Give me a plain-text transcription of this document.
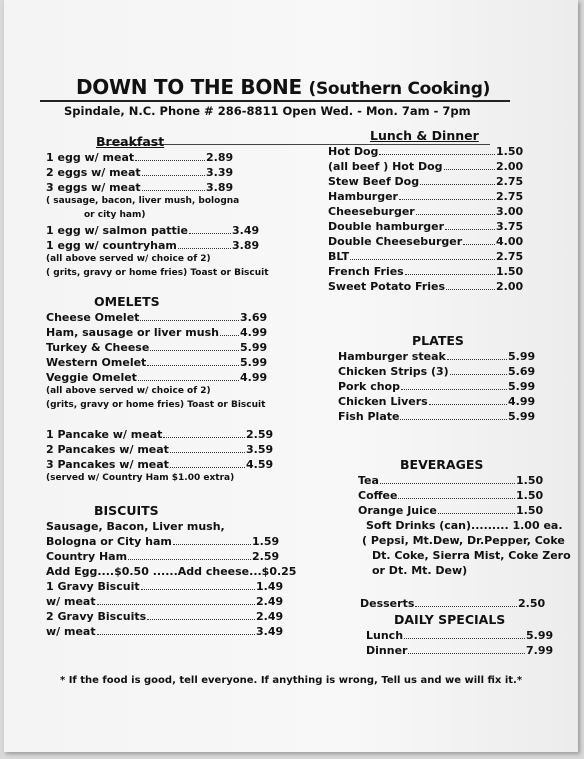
DOWN TO THE BONE (Southern Cooking)
Spindale, N.C. Phone # 286-8811 Open Wed. - Mon. 7am - 7pm
Breakfast
1 egg w/ meat	2.89
2 eggs w/ meat	3.39
3 eggs w/ meat	3.89
( sausage, bacon, liver mush, bologna
or city ham)
1 egg w/ salmon pattie	3.49
1 egg w/ countryham	3.89
(all above served w/ choice of 2)
( grits, gravy or home fries) Toast or Biscuit
OMELETS
Cheese Omelet	3.69
Ham, sausage or liver mush 4.99
Turkey & Cheese	5.99
Western Omelet	5.99
Veggie Omelet	4.99
(all above served w/ choice of 2)
(grits, gravy or home fries) Toast or Biscuit
1 Pancake w/ meat	2.59
2 Pancakes w/ meat	3.59
3 Pancakes w/ meat	4.59
(served w/ Country Ham $1.00 extra)
BISCUITS
Sausage, Bacon, Liver mush,
Bologna or City ham	1.59
Country Ham	2.59
Add Egg....$0.50 ......Add cheese...$0.25
1 Gravy Biscuit	1.49
w/ meat	2.49
2 Gravy Biscuits	2.49
w/ meat	3.49
Lunch & Dinner
Hot Dog	1.50
(all beef ) Hot Dog	2.00
Stew Beef Dog	2.75
Hamburger	2.75
Cheeseburger	3.00
Double hamburger	3.75
Double Cheeseburger	4.00
BLT	2.75
French Fries	1.50
Sweet Potato Fries	2.00
PLATES
Hamburger steak	5.99
Chicken Strips (3)	5.69
Pork chop	5.99
Chicken Livers	4.99
Fish Plate	5.99
BEVERAGES
Tea	1.50
Coffee	1.50
Orange Juice	1.50
Soft Drinks (can)......... 1.00 ea.
( Pepsi, Mt.Dew, Dr.Pepper, Coke
Dt. Coke, Sierra Mist, Coke Zero
or Dt. Mt. Dew)
Desserts	2.50
DAILY SPECIALS
Lunch	5.99
Dinner	7.99
* If the food is good, tell everyone. If anything is wrong, Tell us and we will fix it.*
